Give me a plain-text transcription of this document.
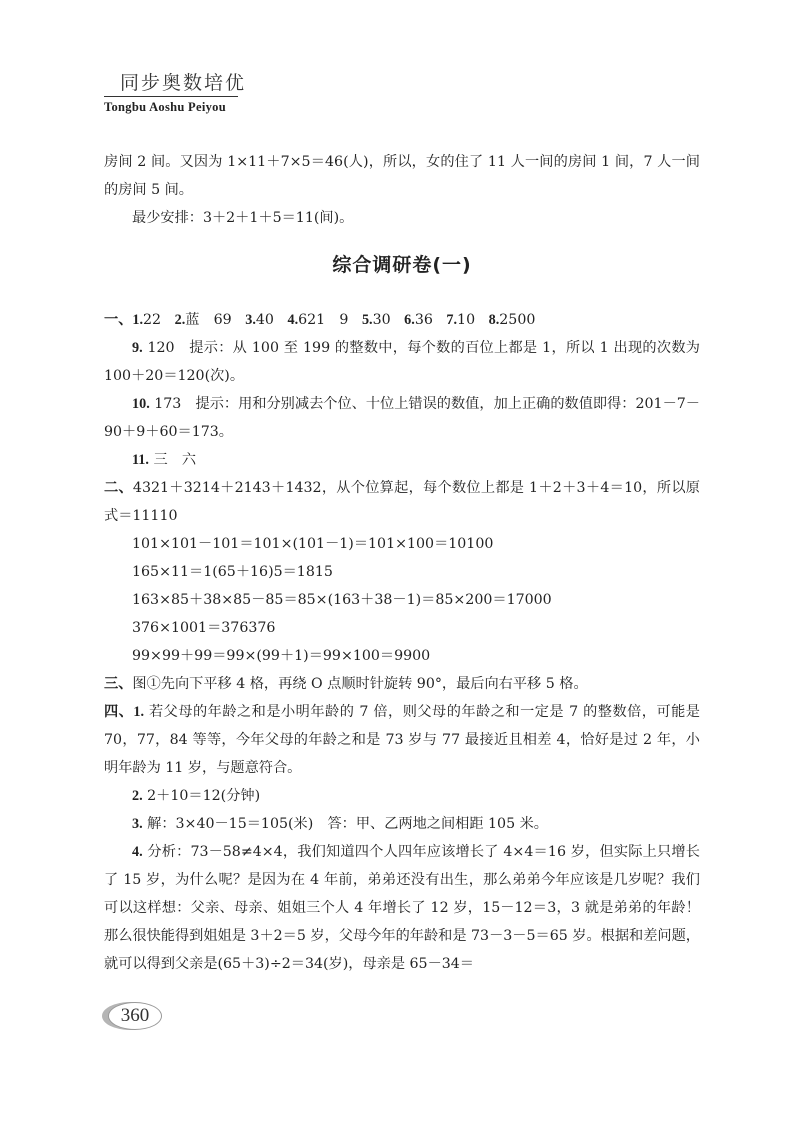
同步奥数培优
Tongbu Aoshu Peiyou

房间 2 间。又因为 1×11＋7×5＝46(人)，所以，女的住了 11 人一间的房间 1 间，7 人一间的房间 5 间。

最少安排：3＋2＋1＋5＝11(间)。

综合调研卷(一)

一、1.22 2.蓝　69 3.40 4.621　9 5.30 6.36 7.10 8.2500

9. 120　提示：从 100 至 199 的整数中，每个数的百位上都是 1，所以 1 出现的次数为 100＋20＝120(次)。

10. 173　提示：用和分别减去个位、十位上错误的数值，加上正确的数值即得：201－7－90＋9＋60＝173。

11. 三　六

二、4321＋3214＋2143＋1432，从个位算起，每个数位上都是 1＋2＋3＋4＝10，所以原式＝11110

101×101－101＝101×(101－1)＝101×100＝10100

165×11＝1(65＋16)5＝1815

163×85＋38×85－85＝85×(163＋38－1)＝85×200＝17000

376×1001＝376376

99×99＋99＝99×(99＋1)＝99×100＝9900

三、图①先向下平移 4 格，再绕 O 点顺时针旋转 90°，最后向右平移 5 格。

四、1. 若父母的年龄之和是小明年龄的 7 倍，则父母的年龄之和一定是 7 的整数倍，可能是 70，77，84 等等，今年父母的年龄之和是 73 岁与 77 最接近且相差 4，恰好是过 2 年，小明年龄为 11 岁，与题意符合。

2. 2＋10＝12(分钟)

3. 解：3×40－15＝105(米)　答：甲、乙两地之间相距 105 米。

4. 分析：73－58≠4×4，我们知道四个人四年应该增长了 4×4＝16 岁，但实际上只增长了 15 岁，为什么呢？是因为在 4 年前，弟弟还没有出生，那么弟弟今年应该是几岁呢？我们可以这样想：父亲、母亲、姐姐三个人 4 年增长了 12 岁，15－12＝3，3 就是弟弟的年龄！那么很快能得到姐姐是 3＋2＝5 岁，父母今年的年龄和是 73－3－5＝65 岁。根据和差问题，就可以得到父亲是(65＋3)÷2＝34(岁)，母亲是 65－34＝

360
